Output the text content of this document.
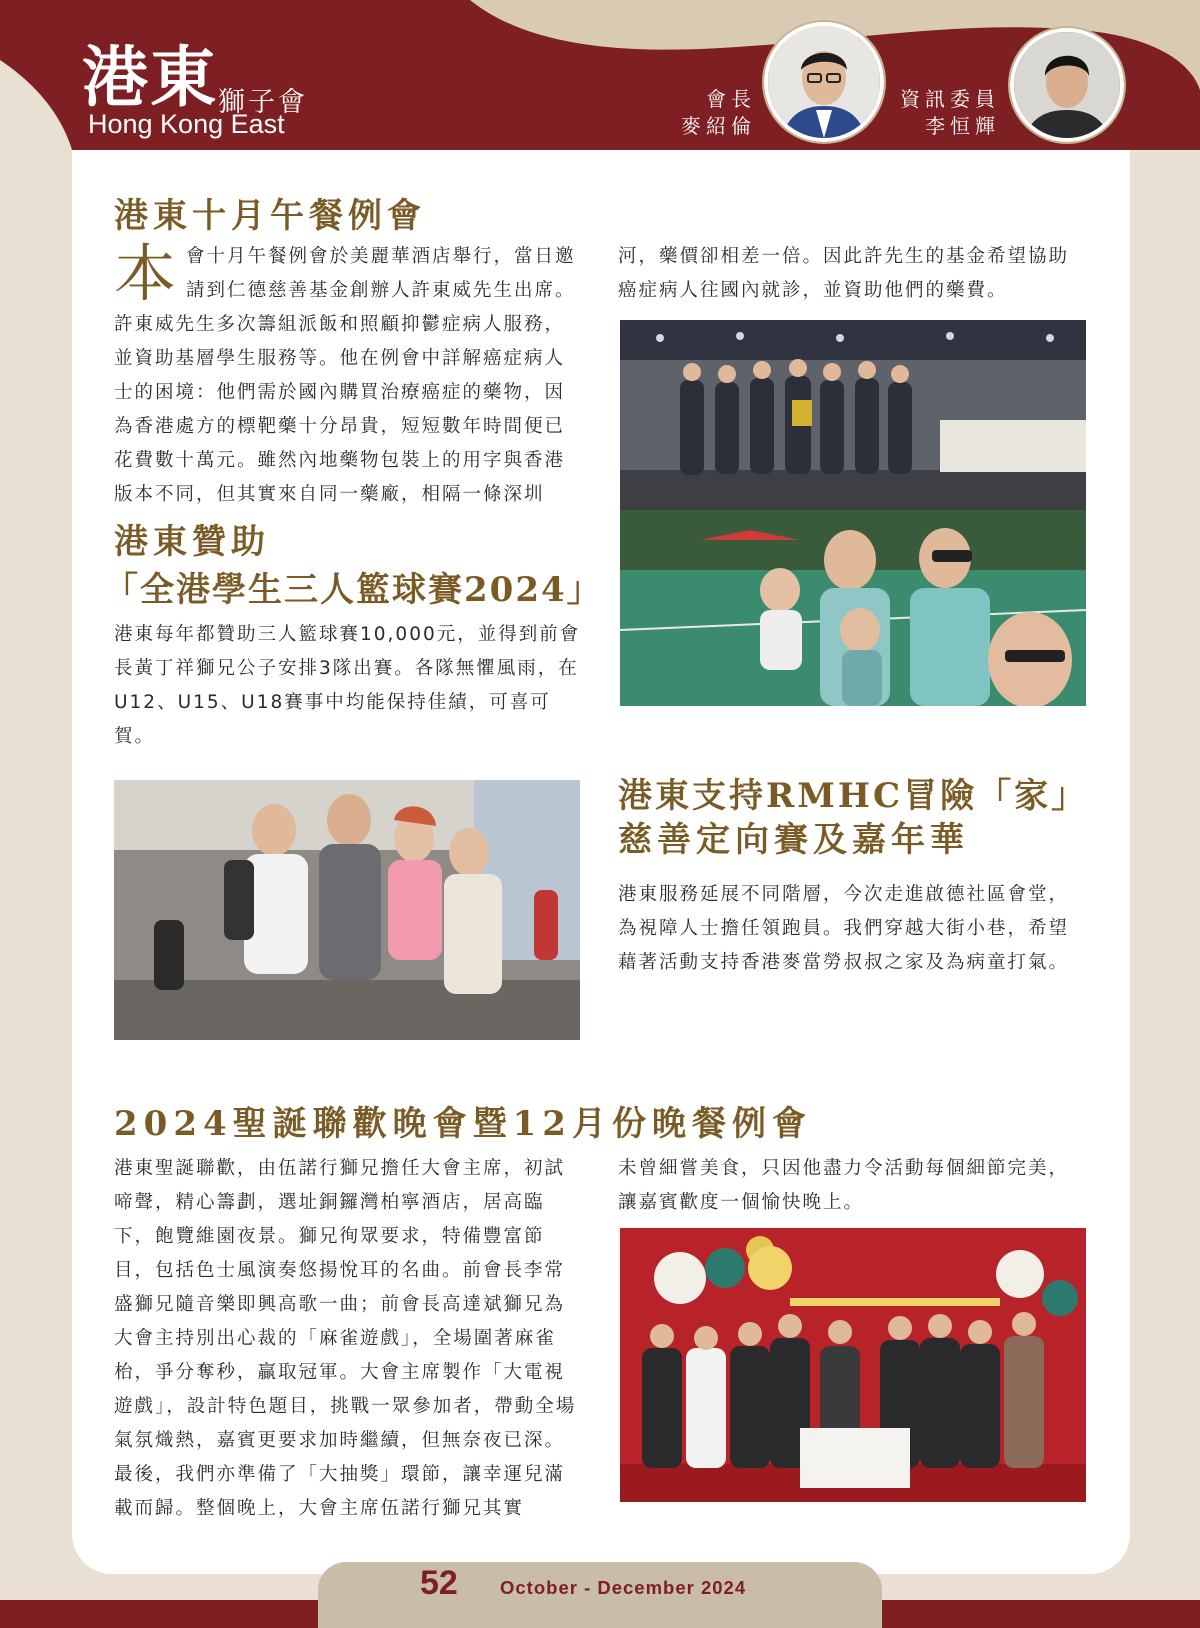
港東 獅子會
Hong Kong East
會長
麥紹倫
資訊委員
李恒輝
港東十月午餐例會
本會十月午餐例會於美麗華酒店舉行，當日邀請到仁德慈善基金創辦人許東威先生出席。許東威先生多次籌組派飯和照顧抑鬱症病人服務，並資助基層學生服務等。他在例會中詳解癌症病人士的困境：他們需於國內購買治療癌症的藥物，因為香港處方的標靶藥十分昂貴，短短數年時間便已花費數十萬元。雖然內地藥物包裝上的用字與香港版本不同，但其實來自同一藥廠，相隔一條深圳

河，藥價卻相差一倍。因此許先生的基金希望協助癌症病人往國內就診，並資助他們的藥費。

港東贊助
「全港學生三人籃球賽2024」

港東每年都贊助三人籃球賽10,000元，並得到前會長黃丁祥獅兄公子安排3隊出賽。各隊無懼風雨，在U12、U15、U18賽事中均能保持佳績，可喜可賀。

港東支持RMHC冒險「家」
慈善定向賽及嘉年華

港東服務延展不同階層，今次走進啟德社區會堂，為視障人士擔任領跑員。我們穿越大街小巷，希望藉著活動支持香港麥當勞叔叔之家及為病童打氣。

2024聖誕聯歡晚會暨12月份晚餐例會

港東聖誕聯歡，由伍諾行獅兄擔任大會主席，初試啼聲，精心籌劃，選址銅鑼灣柏寧酒店，居高臨下，飽覽維園夜景。獅兄徇眾要求，特備豐富節目，包括色士風演奏悠揚悅耳的名曲。前會長李常盛獅兄隨音樂即興高歌一曲；前會長高達斌獅兄為大會主持別出心裁的「麻雀遊戲」，全場圍著麻雀枱，爭分奪秒，贏取冠軍。大會主席製作「大電視遊戲」，設計特色題目，挑戰一眾參加者，帶動全場氣氛熾熱，嘉賓更要求加時繼續，但無奈夜已深。最後，我們亦準備了「大抽獎」環節，讓幸運兒滿載而歸。整個晚上，大會主席伍諾行獅兄其實

未曾細嘗美食，只因他盡力令活動每個細節完美，讓嘉賓歡度一個愉快晚上。

52 October - December 2024
